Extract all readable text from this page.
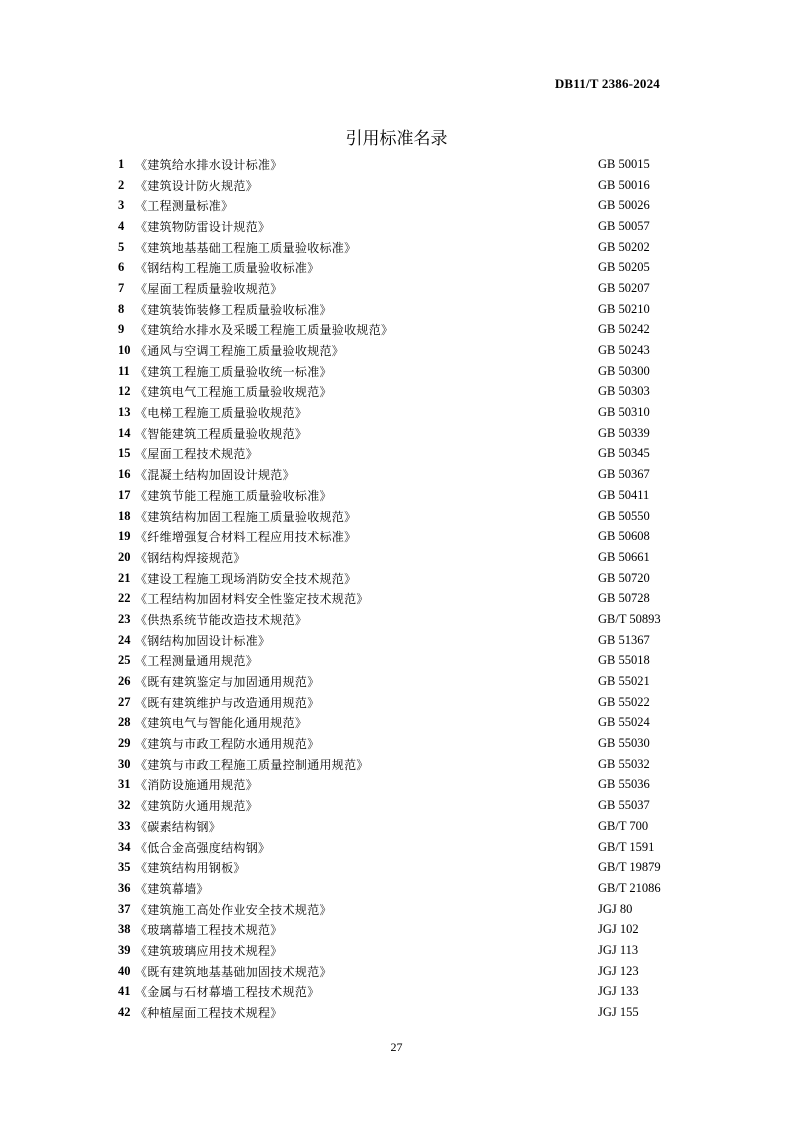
DB11/T 2386-2024
引用标准名录
1 《建筑给水排水设计标准》	GB 50015
2 《建筑设计防火规范》	GB 50016
3 《工程测量标准》	GB 50026
4 《建筑物防雷设计规范》	GB 50057
5 《建筑地基基础工程施工质量验收标准》	GB 50202
6 《钢结构工程施工质量验收标准》	GB 50205
7 《屋面工程质量验收规范》	GB 50207
8 《建筑装饰装修工程质量验收标准》	GB 50210
9 《建筑给水排水及采暖工程施工质量验收规范》	GB 50242
10 《通风与空调工程施工质量验收规范》	GB 50243
11 《建筑工程施工质量验收统一标准》	GB 50300
12 《建筑电气工程施工质量验收规范》	GB 50303
13 《电梯工程施工质量验收规范》	GB 50310
14 《智能建筑工程质量验收规范》	GB 50339
15 《屋面工程技术规范》	GB 50345
16 《混凝土结构加固设计规范》	GB 50367
17 《建筑节能工程施工质量验收标准》	GB 50411
18 《建筑结构加固工程施工质量验收规范》	GB 50550
19 《纤维增强复合材料工程应用技术标准》	GB 50608
20 《钢结构焊接规范》	GB 50661
21 《建设工程施工现场消防安全技术规范》	GB 50720
22 《工程结构加固材料安全性鉴定技术规范》	GB 50728
23 《供热系统节能改造技术规范》	GB/T 50893
24 《钢结构加固设计标准》	GB 51367
25 《工程测量通用规范》	GB 55018
26 《既有建筑鉴定与加固通用规范》	GB 55021
27 《既有建筑维护与改造通用规范》	GB 55022
28 《建筑电气与智能化通用规范》	GB 55024
29 《建筑与市政工程防水通用规范》	GB 55030
30 《建筑与市政工程施工质量控制通用规范》	GB 55032
31 《消防设施通用规范》	GB 55036
32 《建筑防火通用规范》	GB 55037
33 《碳素结构钢》	GB/T 700
34 《低合金高强度结构钢》	GB/T 1591
35 《建筑结构用钢板》	GB/T 19879
36 《建筑幕墙》	GB/T 21086
37 《建筑施工高处作业安全技术规范》	JGJ 80
38 《玻璃幕墙工程技术规范》	JGJ 102
39 《建筑玻璃应用技术规程》	JGJ 113
40 《既有建筑地基基础加固技术规范》	JGJ 123
41 《金属与石材幕墙工程技术规范》	JGJ 133
42 《种植屋面工程技术规程》	JGJ 155
27
